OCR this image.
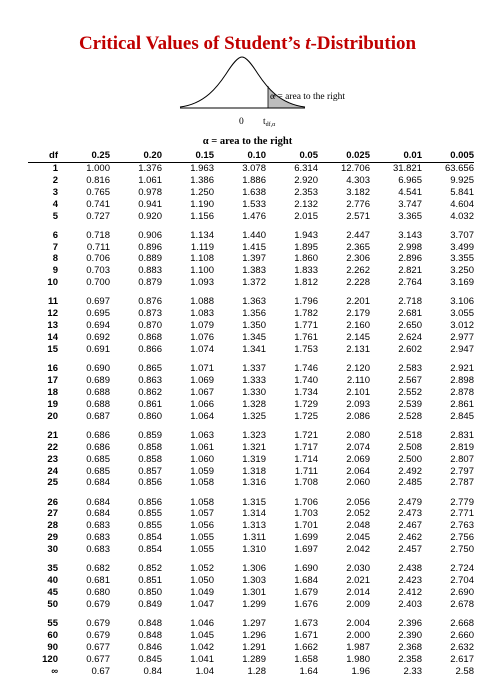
Critical Values of Student’s t-Distribution
α = area to the right
0 $t_{df,\alpha}$
α = area to the right
df	0.25	0.20	0.15	0.10	0.05	0.025	0.01	0.005
1	1.000	1.376	1.963	3.078	6.314	12.706	31.821	63.656
2	0.816	1.061	1.386	1.886	2.920	4.303	6.965	9.925
3	0.765	0.978	1.250	1.638	2.353	3.182	4.541	5.841
4	0.741	0.941	1.190	1.533	2.132	2.776	3.747	4.604
5	0.727	0.920	1.156	1.476	2.015	2.571	3.365	4.032

6	0.718	0.906	1.134	1.440	1.943	2.447	3.143	3.707
7	0.711	0.896	1.119	1.415	1.895	2.365	2.998	3.499
8	0.706	0.889	1.108	1.397	1.860	2.306	2.896	3.355
9	0.703	0.883	1.100	1.383	1.833	2.262	2.821	3.250
10	0.700	0.879	1.093	1.372	1.812	2.228	2.764	3.169

11	0.697	0.876	1.088	1.363	1.796	2.201	2.718	3.106
12	0.695	0.873	1.083	1.356	1.782	2.179	2.681	3.055
13	0.694	0.870	1.079	1.350	1.771	2.160	2.650	3.012
14	0.692	0.868	1.076	1.345	1.761	2.145	2.624	2.977
15	0.691	0.866	1.074	1.341	1.753	2.131	2.602	2.947

16	0.690	0.865	1.071	1.337	1.746	2.120	2.583	2.921
17	0.689	0.863	1.069	1.333	1.740	2.110	2.567	2.898
18	0.688	0.862	1.067	1.330	1.734	2.101	2.552	2.878
19	0.688	0.861	1.066	1.328	1.729	2.093	2.539	2.861
20	0.687	0.860	1.064	1.325	1.725	2.086	2.528	2.845

21	0.686	0.859	1.063	1.323	1.721	2.080	2.518	2.831
22	0.686	0.858	1.061	1.321	1.717	2.074	2.508	2.819
23	0.685	0.858	1.060	1.319	1.714	2.069	2.500	2.807
24	0.685	0.857	1.059	1.318	1.711	2.064	2.492	2.797
25	0.684	0.856	1.058	1.316	1.708	2.060	2.485	2.787

26	0.684	0.856	1.058	1.315	1.706	2.056	2.479	2.779
27	0.684	0.855	1.057	1.314	1.703	2.052	2.473	2.771
28	0.683	0.855	1.056	1.313	1.701	2.048	2.467	2.763
29	0.683	0.854	1.055	1.311	1.699	2.045	2.462	2.756
30	0.683	0.854	1.055	1.310	1.697	2.042	2.457	2.750

35	0.682	0.852	1.052	1.306	1.690	2.030	2.438	2.724
40	0.681	0.851	1.050	1.303	1.684	2.021	2.423	2.704
45	0.680	0.850	1.049	1.301	1.679	2.014	2.412	2.690
50	0.679	0.849	1.047	1.299	1.676	2.009	2.403	2.678

55	0.679	0.848	1.046	1.297	1.673	2.004	2.396	2.668
60	0.679	0.848	1.045	1.296	1.671	2.000	2.390	2.660
90	0.677	0.846	1.042	1.291	1.662	1.987	2.368	2.632
120	0.677	0.845	1.041	1.289	1.658	1.980	2.358	2.617
∞	0.67	0.84	1.04	1.28	1.64	1.96	2.33	2.58
